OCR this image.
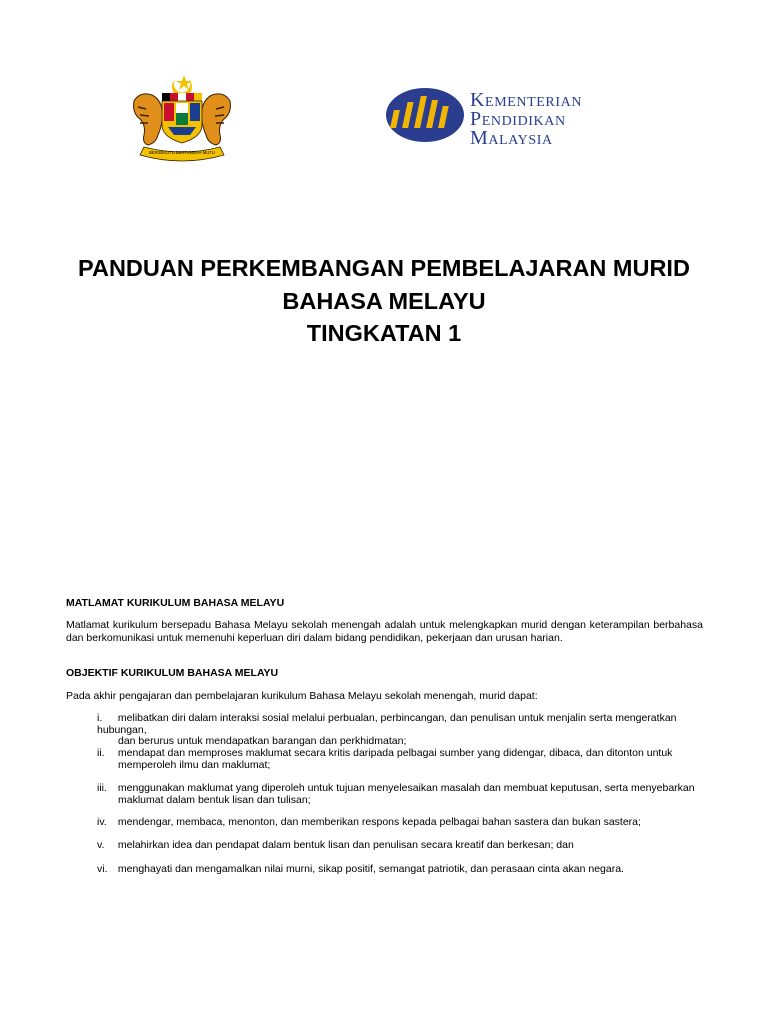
BERSEKUTU BERTAMBAH MUTU
KEMENTERIAN
PENDIDIKAN
MALAYSIA
PANDUAN PERKEMBANGAN PEMBELAJARAN MURID
BAHASA MELAYU
TINGKATAN 1
MATLAMAT KURIKULUM BAHASA MELAYU
Matlamat kurikulum bersepadu Bahasa Melayu sekolah menengah adalah untuk melengkapkan murid dengan keterampilan berbahasa dan berkomunikasi untuk memenuhi keperluan diri dalam bidang pendidikan, pekerjaan dan urusan harian.
OBJEKTIF KURIKULUM BAHASA MELAYU
Pada akhir pengajaran dan pembelajaran kurikulum Bahasa Melayu sekolah menengah, murid dapat:
i. melibatkan diri dalam interaksi sosial melalui perbualan, perbincangan, dan penulisan untuk menjalin serta mengeratkan hubungan,
dan berurus untuk mendapatkan barangan dan perkhidmatan;
ii. mendapat dan memproses maklumat secara kritis daripada pelbagai sumber yang didengar, dibaca, dan ditonton untuk
memperoleh ilmu dan maklumat;
iii. menggunakan maklumat yang diperoleh untuk tujuan menyelesaikan masalah dan membuat keputusan, serta menyebarkan
maklumat dalam bentuk lisan dan tulisan;
iv. mendengar, membaca, menonton, dan memberikan respons kepada pelbagai bahan sastera dan bukan sastera;
v. melahirkan idea dan pendapat dalam bentuk lisan dan penulisan secara kreatif dan berkesan; dan
vi. menghayati dan mengamalkan nilai murni, sikap positif, semangat patriotik, dan perasaan cinta akan negara.
